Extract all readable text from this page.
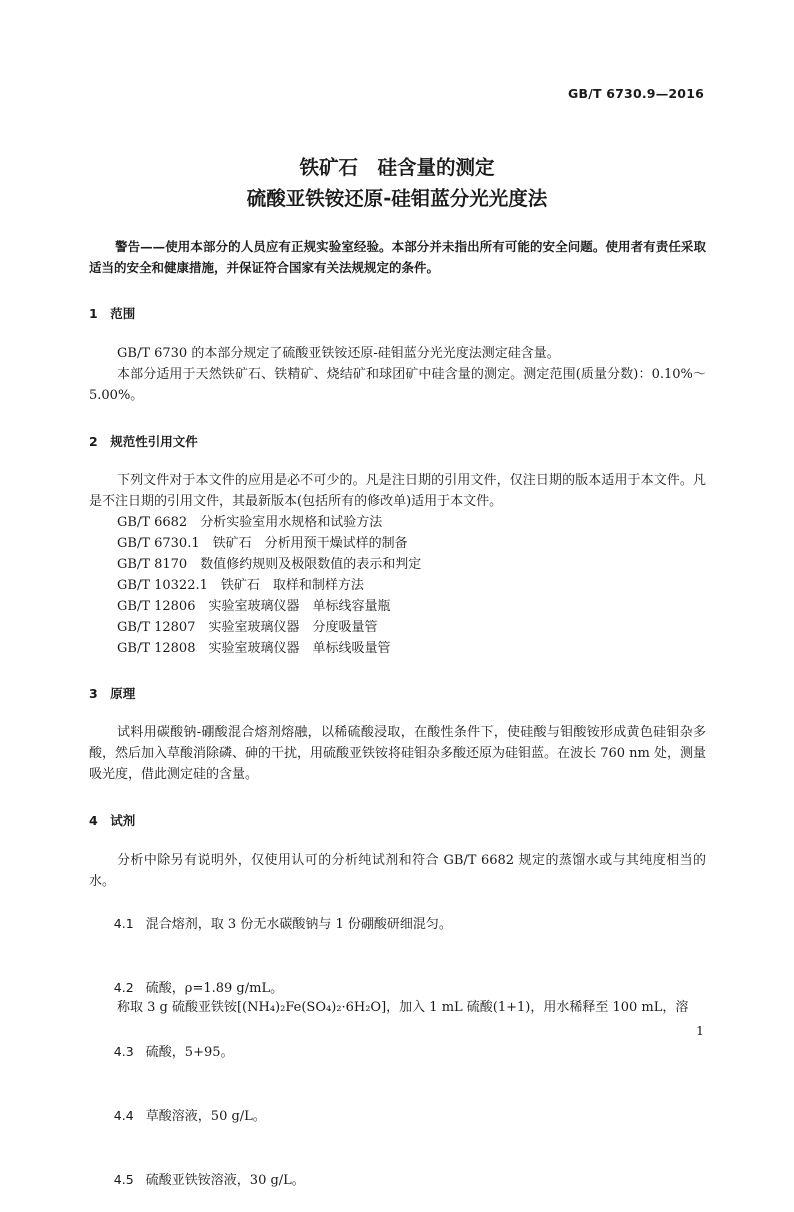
GB/T 6730.9—2016
铁矿石　硅含量的测定
硫酸亚铁铵还原-硅钼蓝分光光度法
警告——使用本部分的人员应有正规实验室经验。本部分并未指出所有可能的安全问题。使用者有责任采取适当的安全和健康措施，并保证符合国家有关法规规定的条件。
1　范围

GB/T 6730 的本部分规定了硫酸亚铁铵还原-硅钼蓝分光光度法测定硅含量。

本部分适用于天然铁矿石、铁精矿、烧结矿和球团矿中硅含量的测定。测定范围(质量分数)：0.10%～5.00%。

2　规范性引用文件

下列文件对于本文件的应用是必不可少的。凡是注日期的引用文件，仅注日期的版本适用于本文件。凡是不注日期的引用文件，其最新版本(包括所有的修改单)适用于本文件。

GB/T 6682　分析实验室用水规格和试验方法
GB/T 6730.1　铁矿石　分析用预干燥试样的制备
GB/T 8170　数值修约规则及极限数值的表示和判定
GB/T 10322.1　铁矿石　取样和制样方法
GB/T 12806　实验室玻璃仪器　单标线容量瓶
GB/T 12807　实验室玻璃仪器　分度吸量管
GB/T 12808　实验室玻璃仪器　单标线吸量管
3　原理

试料用碳酸钠-硼酸混合熔剂熔融，以稀硫酸浸取，在酸性条件下，使硅酸与钼酸铵形成黄色硅钼杂多酸，然后加入草酸消除磷、砷的干扰，用硫酸亚铁铵将硅钼杂多酸还原为硅钼蓝。在波长 760 nm 处，测量吸光度，借此测定硅的含量。

4　试剂

分析中除另有说明外，仅使用认可的分析纯试剂和符合 GB/T 6682 规定的蒸馏水或与其纯度相当的水。

4.1 混合熔剂，取 3 份无水碳酸钠与 1 份硼酸研细混匀。

4.2 硫酸，ρ=1.89 g/mL。

4.3 硫酸，5+95。

4.4 草酸溶液，50 g/L。

4.5 硫酸亚铁铵溶液，30 g/L。

称取 3 g 硫酸亚铁铵[(NH₄)₂Fe(SO₄)₂·6H₂O]，加入 1 mL 硫酸(1+1)，用水稀释至 100 mL，溶

1
